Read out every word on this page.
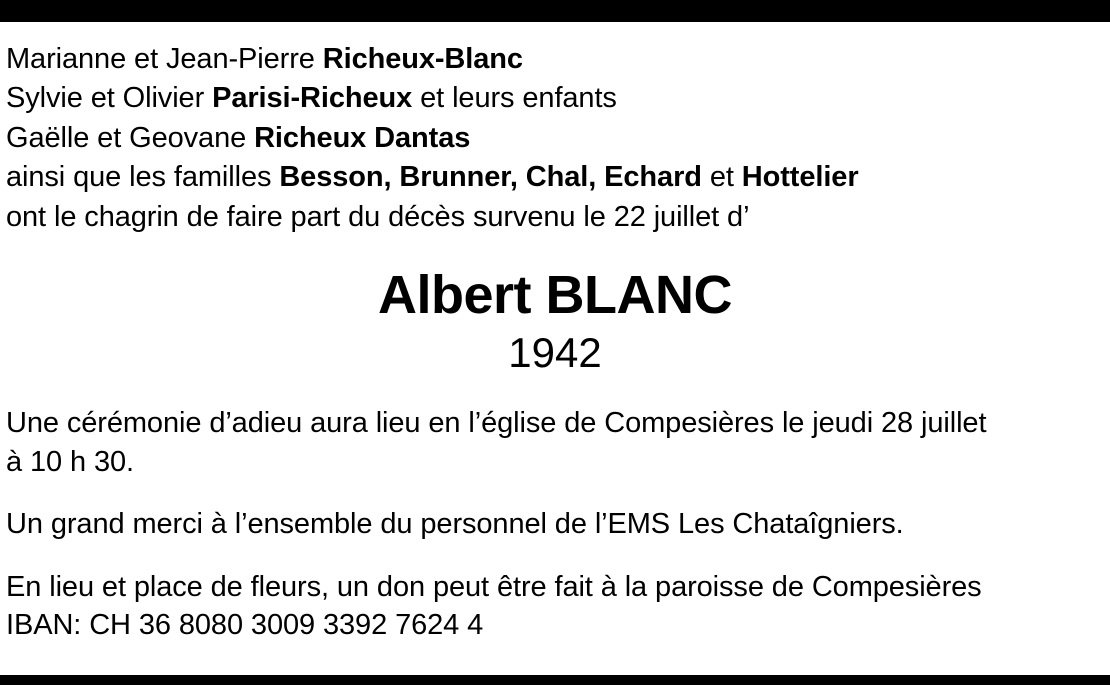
Marianne et Jean-Pierre Richeux-Blanc
Sylvie et Olivier Parisi-Richeux et leurs enfants
Gaëlle et Geovane Richeux Dantas
ainsi que les familles Besson, Brunner, Chal, Echard et Hottelier
ont le chagrin de faire part du décès survenu le 22 juillet d’
Albert BLANC
1942
Une cérémonie d’adieu aura lieu en l’église de Compesières le jeudi 28 juillet
à 10 h 30.
Un grand merci à l’ensemble du personnel de l’EMS Les Chataîgniers.
En lieu et place de fleurs, un don peut être fait à la paroisse de Compesières
IBAN: CH 36 8080 3009 3392 7624 4
